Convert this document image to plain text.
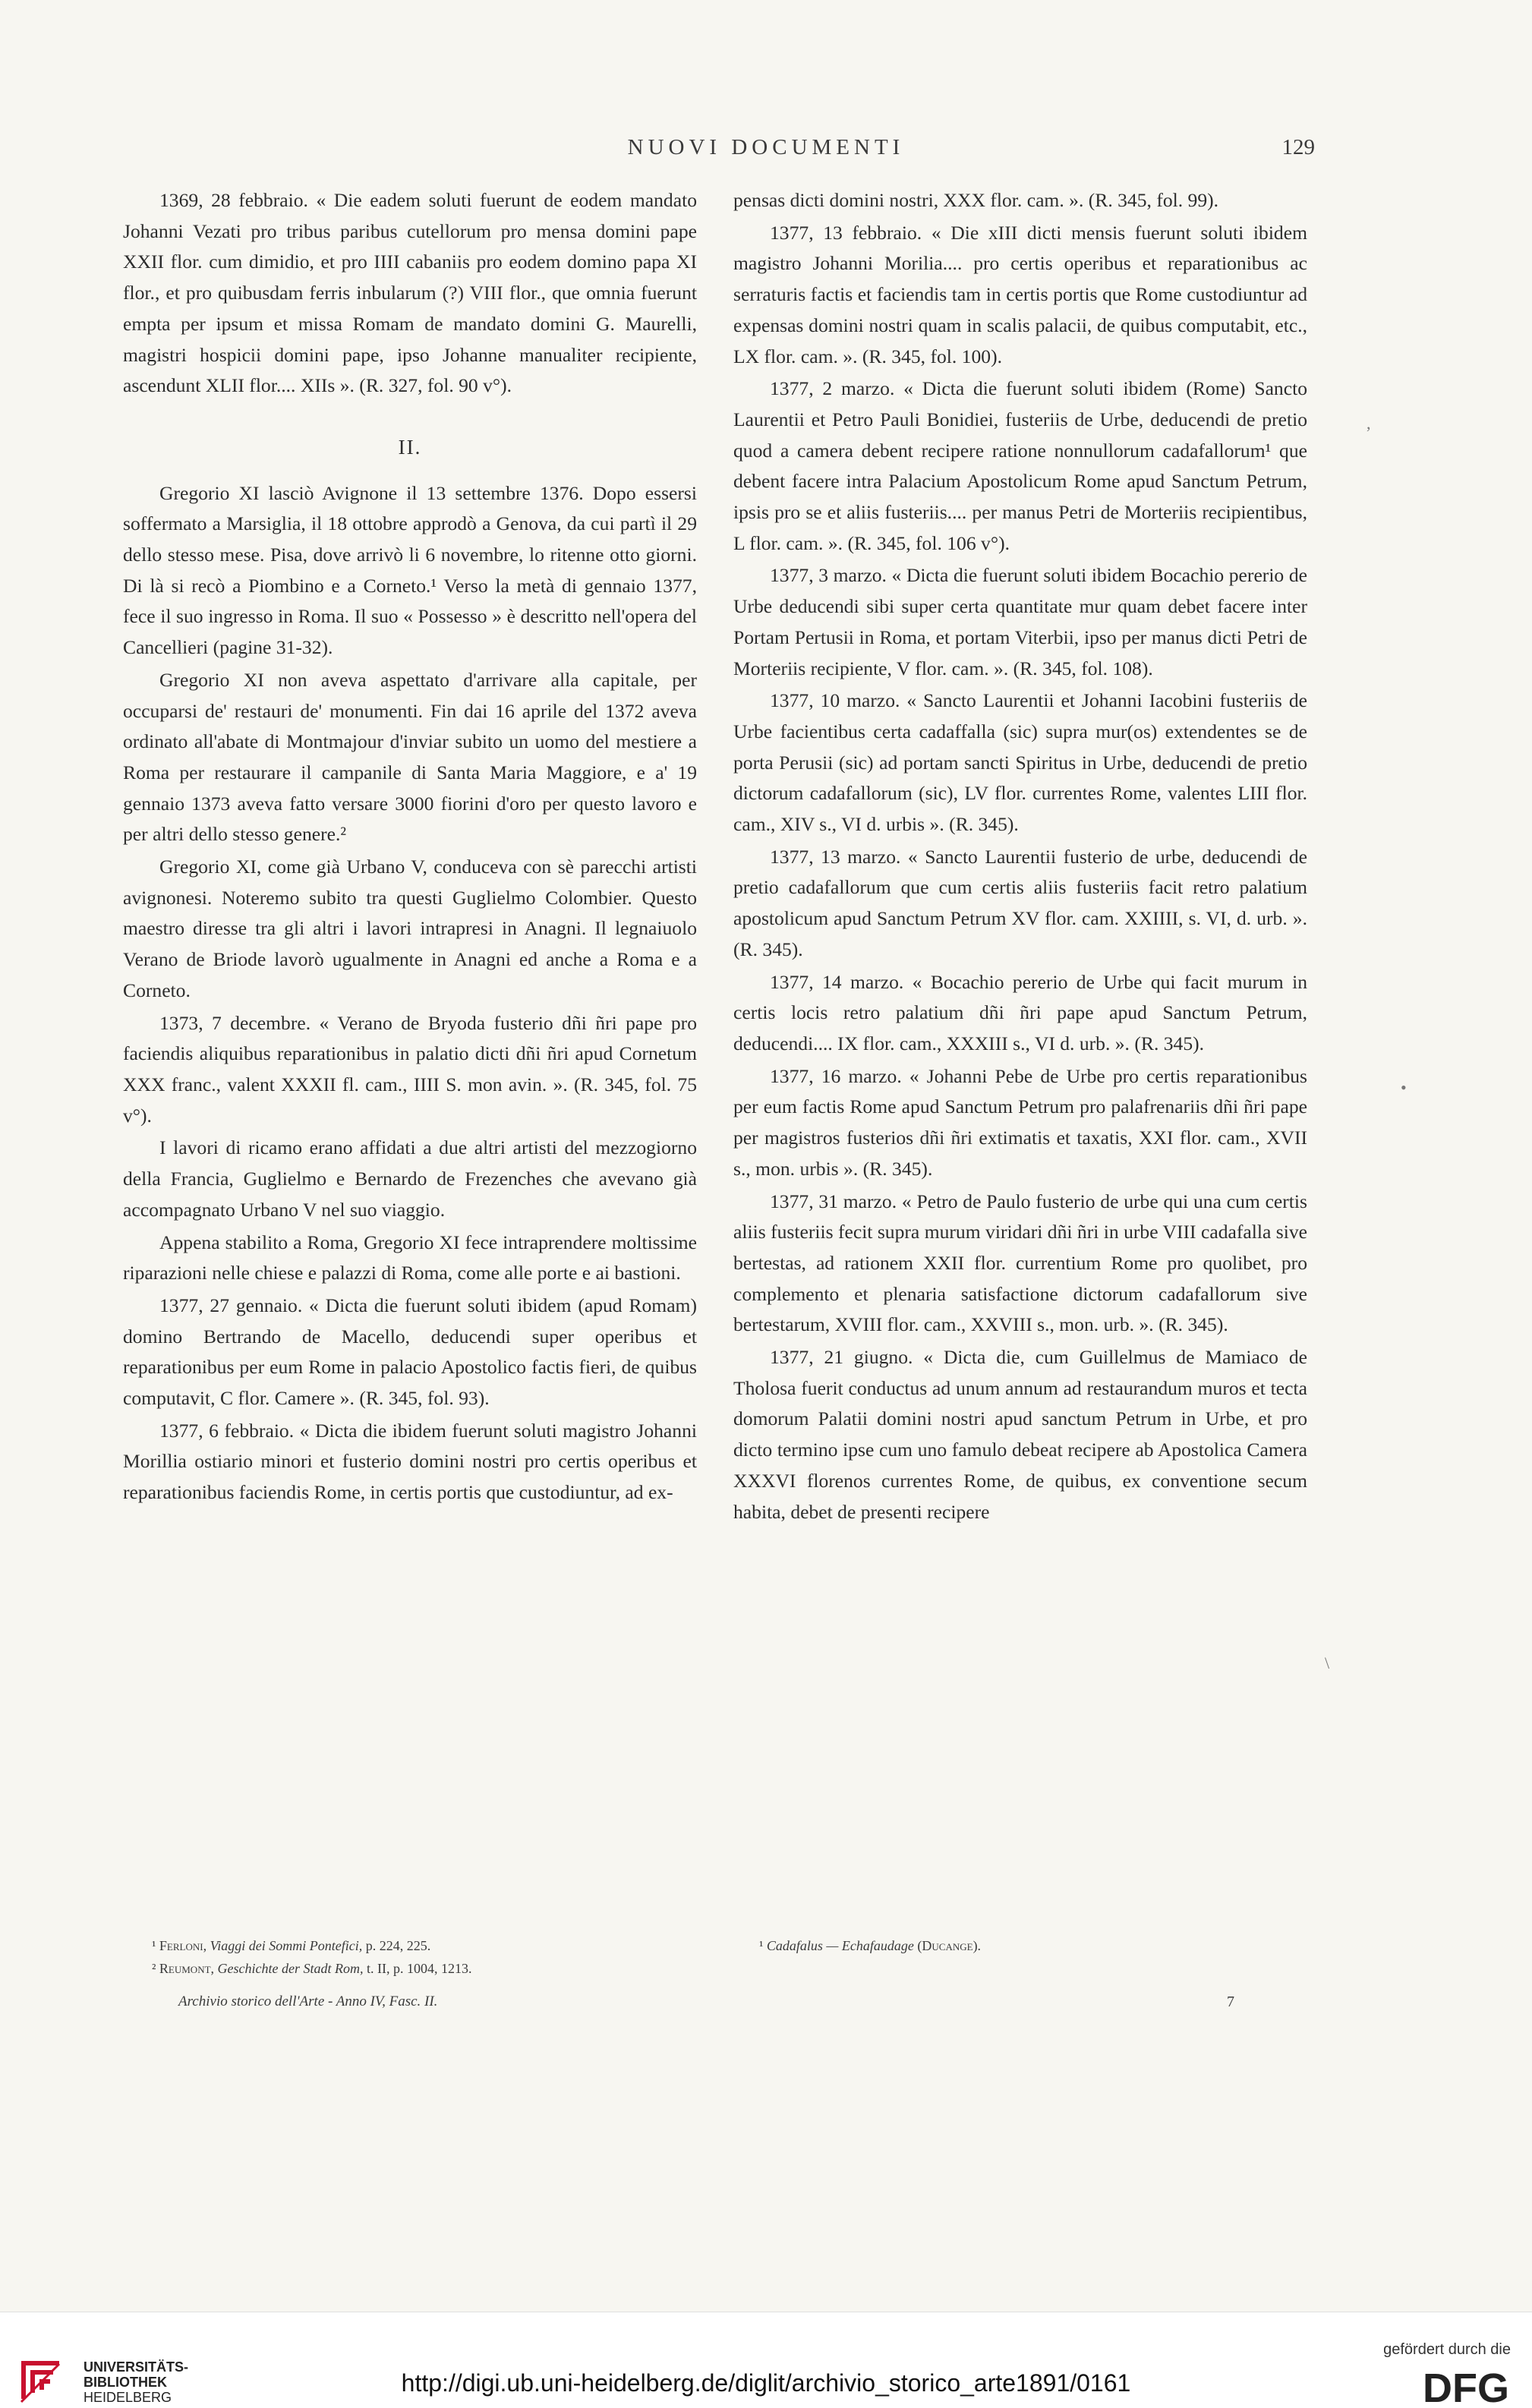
NUOVI DOCUMENTI	129

1369, 28 febbraio. « Die eadem soluti fuerunt de eodem mandato Johanni Vezati pro tribus paribus cutellorum pro mensa domini pape XXII flor. cum dimidio, et pro IIII cabaniis pro eodem domino papa XI flor., et pro quibusdam ferris inbularum (?) VIII flor., que omnia fuerunt empta per ipsum et missa Romam de mandato domini G. Maurelli, magistri hospicii domini pape, ipso Johanne manualiter recipiente, ascendunt XLII flor.... XIIs ». (R. 327, fol. 90 v°).

II.

Gregorio XI lasciò Avignone il 13 settembre 1376. Dopo essersi soffermato a Marsiglia, il 18 ottobre approdò a Genova, da cui partì il 29 dello stesso mese. Pisa, dove arrivò li 6 novembre, lo ritenne otto giorni. Di là si recò a Piombino e a Corneto.¹ Verso la metà di gennaio 1377, fece il suo ingresso in Roma. Il suo « Possesso » è descritto nell'opera del Cancellieri (pagine 31-32).

Gregorio XI non aveva aspettato d'arrivare alla capitale, per occuparsi de' restauri de' monumenti. Fin dai 16 aprile del 1372 aveva ordinato all'abate di Montmajour d'inviar subito un uomo del mestiere a Roma per restaurare il campanile di Santa Maria Maggiore, e a' 19 gennaio 1373 aveva fatto versare 3000 fiorini d'oro per questo lavoro e per altri dello stesso genere.²

Gregorio XI, come già Urbano V, conduceva con sè parecchi artisti avignonesi. Noteremo subito tra questi Guglielmo Colombier. Questo maestro diresse tra gli altri i lavori intrapresi in Anagni. Il legnaiuolo Verano de Briode lavorò ugualmente in Anagni ed anche a Roma e a Corneto.

1373, 7 decembre. « Verano de Bryoda fusterio dñi ñri pape pro faciendis aliquibus reparationibus in palatio dicti dñi ñri apud Cornetum XXX franc., valent XXXII fl. cam., IIII S. mon avin. ». (R. 345, fol. 75 v°).

I lavori di ricamo erano affidati a due altri artisti del mezzogiorno della Francia, Guglielmo e Bernardo de Frezenches che avevano già accompagnato Urbano V nel suo viaggio.

Appena stabilito a Roma, Gregorio XI fece intraprendere moltissime riparazioni nelle chiese e palazzi di Roma, come alle porte e ai bastioni.

1377, 27 gennaio. « Dicta die fuerunt soluti ibidem (apud Romam) domino Bertrando de Macello, deducendi super operibus et reparationibus per eum Rome in palacio Apostolico factis fieri, de quibus computavit, C flor. Camere ». (R. 345, fol. 93).

1377, 6 febbraio. « Dicta die ibidem fuerunt soluti magistro Johanni Morillia ostiario minori et fusterio domini nostri pro certis operibus et reparationibus faciendis Rome, in certis portis que custodiuntur, ad ex-

pensas dicti domini nostri, XXX flor. cam. ». (R. 345, fol. 99).

1377, 13 febbraio. « Die xIII dicti mensis fuerunt soluti ibidem magistro Johanni Morilia.... pro certis operibus et reparationibus ac serraturis factis et faciendis tam in certis portis que Rome custodiuntur ad expensas domini nostri quam in scalis palacii, de quibus computabit, etc., LX flor. cam. ». (R. 345, fol. 100).

1377, 2 marzo. « Dicta die fuerunt soluti ibidem (Rome) Sancto Laurentii et Petro Pauli Bonidiei, fusteriis de Urbe, deducendi de pretio quod a camera debent recipere ratione nonnullorum cadafallorum¹ que debent facere intra Palacium Apostolicum Rome apud Sanctum Petrum, ipsis pro se et aliis fusteriis.... per manus Petri de Morteriis recipientibus, L flor. cam. ». (R. 345, fol. 106 v°).

1377, 3 marzo. « Dicta die fuerunt soluti ibidem Bocachio pererio de Urbe deducendi sibi super certa quantitate mur quam debet facere inter Portam Pertusii in Roma, et portam Viterbii, ipso per manus dicti Petri de Morteriis recipiente, V flor. cam. ». (R. 345, fol. 108).

1377, 10 marzo. « Sancto Laurentii et Johanni Iacobini fusteriis de Urbe facientibus certa cadaffalla (sic) supra mur(os) extendentes se de porta Perusii (sic) ad portam sancti Spiritus in Urbe, deducendi de pretio dictorum cadafallorum (sic), LV flor. currentes Rome, valentes LIII flor. cam., XIV s., VI d. urbis ». (R. 345).

1377, 13 marzo. « Sancto Laurentii fusterio de urbe, deducendi de pretio cadafallorum que cum certis aliis fusteriis facit retro palatium apostolicum apud Sanctum Petrum XV flor. cam. XXIIII, s. VI, d. urb. ». (R. 345).

1377, 14 marzo. « Bocachio pererio de Urbe qui facit murum in certis locis retro palatium dñi ñri pape apud Sanctum Petrum, deducendi.... IX flor. cam., XXXIII s., VI d. urb. ». (R. 345).

1377, 16 marzo. « Johanni Pebe de Urbe pro certis reparationibus per eum factis Rome apud Sanctum Petrum pro palafrenariis dñi ñri pape per magistros fusterios dñi ñri extimatis et taxatis, XXI flor. cam., XVII s., mon. urbis ». (R. 345).

1377, 31 marzo. « Petro de Paulo fusterio de urbe qui una cum certis aliis fusteriis fecit supra murum viridari dñi ñri in urbe VIII cadafalla sive bertestas, ad rationem XXII flor. currentium Rome pro quolibet, pro complemento et plenaria satisfactione dictorum cadafallorum sive bertestarum, XVIII flor. cam., XXVIII s., mon. urb. ». (R. 345).

1377, 21 giugno. « Dicta die, cum Guillelmus de Mamiaco de Tholosa fuerit conductus ad unum annum ad restaurandum muros et tecta domorum Palatii domini nostri apud sanctum Petrum in Urbe, et pro dicto termino ipse cum uno famulo debeat recipere ab Apostolica Camera XXXVI florenos currentes Rome, de quibus, ex conventione secum habita, debet de presenti recipere

¹ Ferloni, Viaggi dei Sommi Pontefici, p. 224, 225.
² Reumont, Geschichte der Stadt Rom, t. II, p. 1004, 1213.
¹ Cadafalus — Echafaudage (Ducange).
Archivio storico dell'Arte - Anno IV, Fasc. II.	7
,
•
\
UNIVERSITÄTS-
BIBLIOTHEK
HEIDELBERG
http://digi.ub.uni-heidelberg.de/diglit/archivio_storico_arte1891/0161
gefördert durch die
DFG
